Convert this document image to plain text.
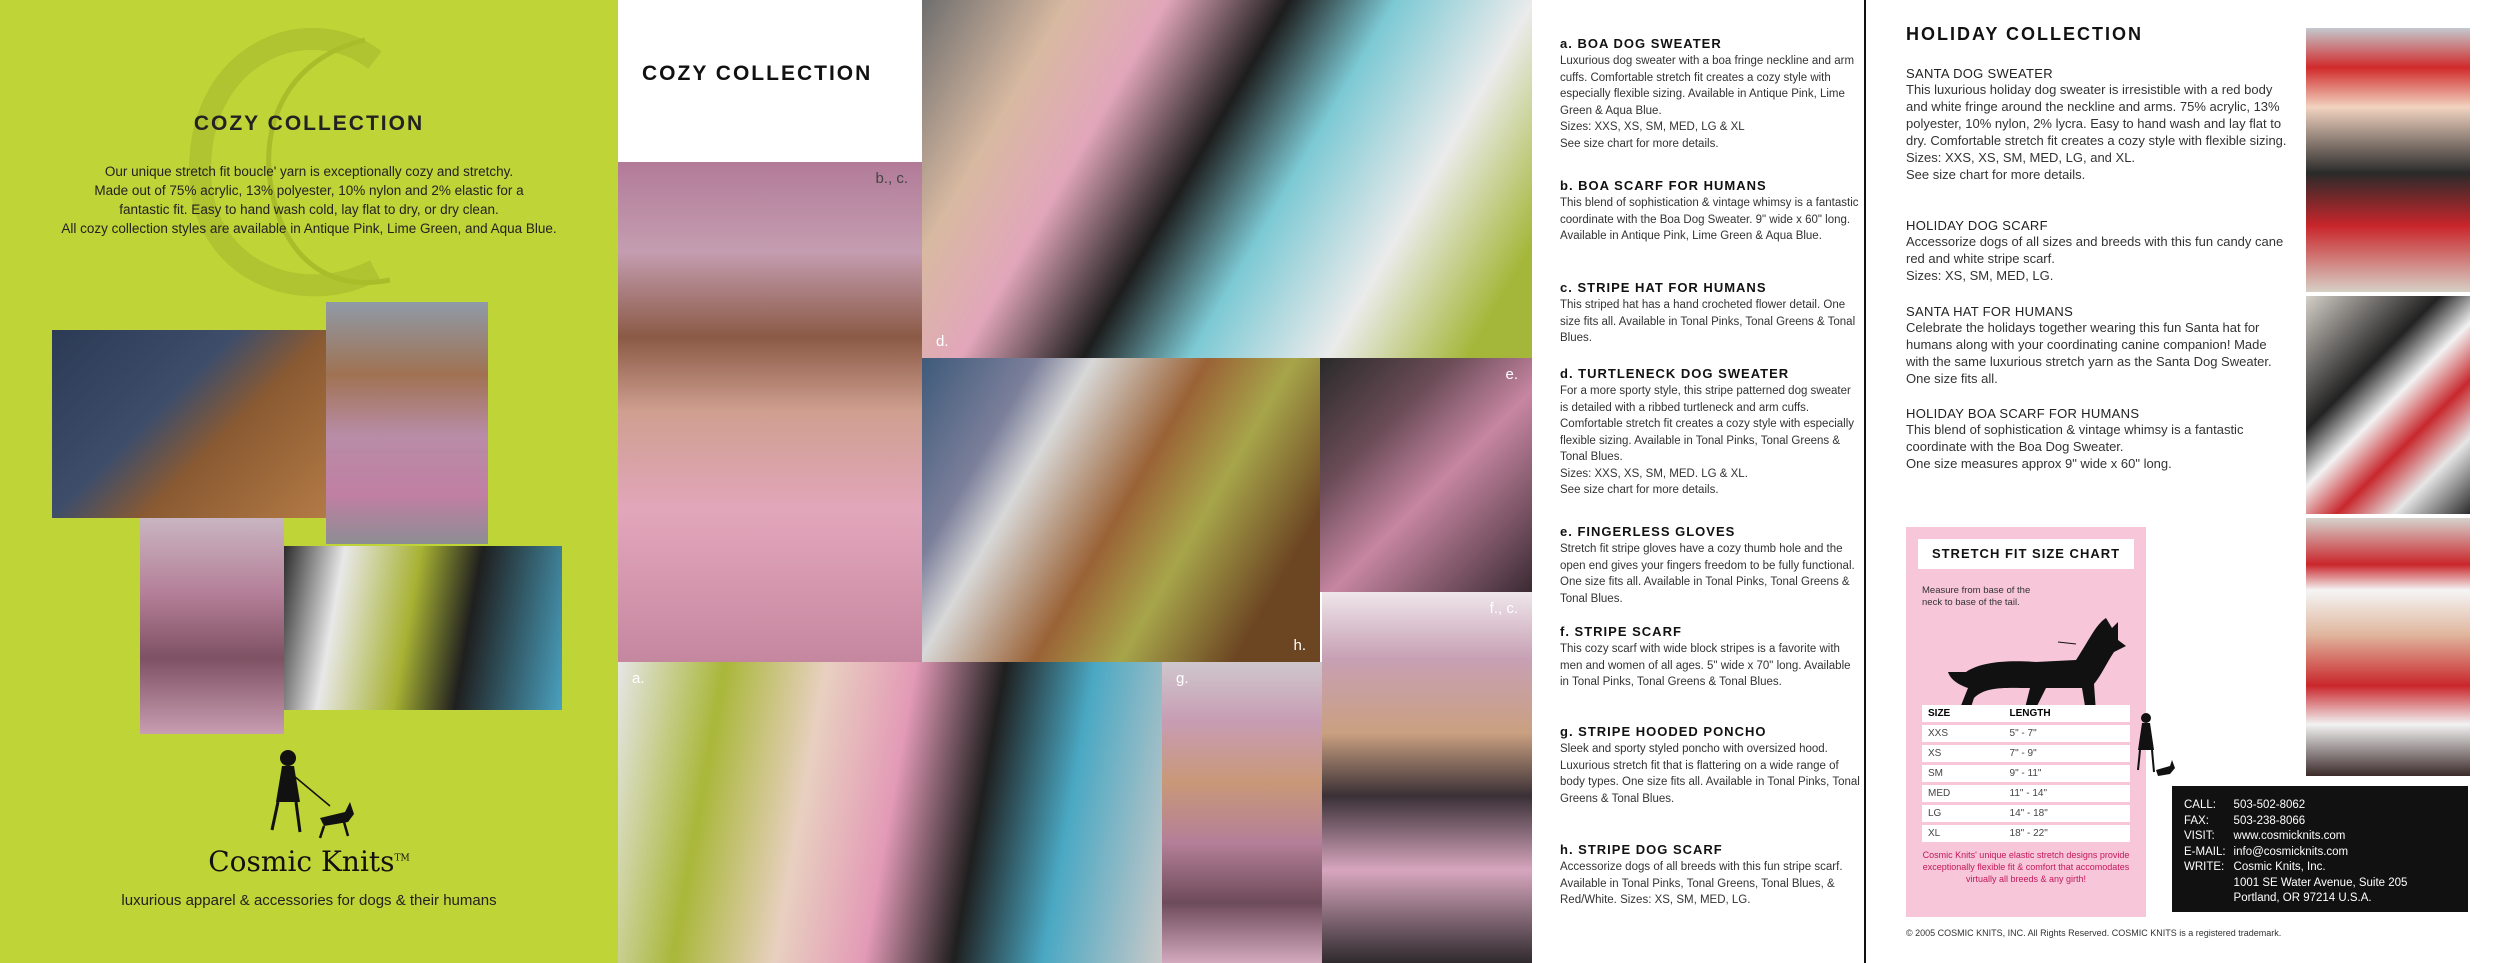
COZY COLLECTION
Our unique stretch fit boucle' yarn is exceptionally cozy and stretchy.
Made out of 75% acrylic, 13% polyester, 10% nylon and 2% elastic for a
fantastic fit. Easy to hand wash cold, lay flat to dry, or dry clean.
All cozy collection styles are available in Antique Pink, Lime Green, and Aqua Blue.
Cosmic Knits™
luxurious apparel & accessories for dogs & their humans
COZY COLLECTION
d.
b., c.
h.
e.
a.	g.
f., c.
a. BOA DOG SWEATER

Luxurious dog sweater with a boa fringe neckline and arm cuffs. Comfortable stretch fit creates a cozy style with especially flexible sizing. Available in Antique Pink, Lime Green & Aqua Blue.

Sizes: XXS, XS, SM, MED, LG & XL

See size chart for more details.

b. BOA SCARF FOR HUMANS

This blend of sophistication & vintage whimsy is a fantastic coordinate with the Boa Dog Sweater. 9" wide x 60" long. Available in Antique Pink, Lime Green & Aqua Blue.

c. STRIPE HAT FOR HUMANS

This striped hat has a hand crocheted flower detail. One size fits all. Available in Tonal Pinks, Tonal Greens & Tonal Blues.

d. TURTLENECK DOG SWEATER

For a more sporty style, this stripe patterned dog sweater is detailed with a ribbed turtleneck and arm cuffs. Comfortable stretch fit creates a cozy style with especially flexible sizing. Available in Tonal Pinks, Tonal Greens & Tonal Blues.

Sizes: XXS, XS, SM, MED. LG & XL.

See size chart for more details.

e. FINGERLESS GLOVES

Stretch fit stripe gloves have a cozy thumb hole and the open end gives your fingers freedom to be fully functional. One size fits all. Available in Tonal Pinks, Tonal Greens & Tonal Blues.

f. STRIPE SCARF

This cozy scarf with wide block stripes is a favorite with men and women of all ages. 5" wide x 70" long. Available in Tonal Pinks, Tonal Greens & Tonal Blues.

g. STRIPE HOODED PONCHO

Sleek and sporty styled poncho with oversized hood. Luxurious stretch fit that is flattering on a wide range of body types. One size fits all. Available in Tonal Pinks, Tonal Greens & Tonal Blues.

h. STRIPE DOG SCARF

Accessorize dogs of all breeds with this fun stripe scarf. Available in Tonal Pinks, Tonal Greens, Tonal Blues, & Red/White. Sizes: XS, SM, MED, LG.

HOLIDAY COLLECTION
SANTA DOG SWEATER

This luxurious holiday dog sweater is irresistible with a red body and white fringe around the neckline and arms. 75% acrylic, 13% polyester, 10% nylon, 2% lycra. Easy to hand wash and lay flat to dry. Comfortable stretch fit creates a cozy style with flexible sizing.

Sizes: XXS, XS, SM, MED, LG, and XL.

See size chart for more details.

HOLIDAY DOG SCARF

Accessorize dogs of all sizes and breeds with this fun candy cane red and white stripe scarf.

Sizes: XS, SM, MED, LG.

SANTA HAT FOR HUMANS

Celebrate the holidays together wearing this fun Santa hat for humans along with your coordinating canine companion! Made with the same luxurious stretch yarn as the Santa Dog Sweater. One size fits all.

HOLIDAY BOA SCARF FOR HUMANS

This blend of sophistication & vintage whimsy is a fantastic coordinate with the Boa Dog Sweater.

One size measures approx 9" wide x 60" long.

STRETCH FIT SIZE CHART
Measure from base of the neck to base of the tail.
SIZE	LENGTH
XXS	5" - 7"
XS	7" - 9"
SM	9" - 11"
MED	11" - 14"
LG	14" - 18"
XL	18" - 22"
Cosmic Knits' unique elastic stretch designs provide exceptionally flexible fit & comfort that accomodates virtually all breeds & any girth!
CALL:	503-502-8062
FAX:	503-238-8066
VISIT:	www.cosmicknits.com
E-MAIL:	info@cosmicknits.com
WRITE:	Cosmic Knits, Inc.
	1001 SE Water Avenue, Suite 205
	Portland, OR 97214 U.S.A.
© 2005 COSMIC KNITS, INC. All Rights Reserved. COSMIC KNITS is a registered trademark.
